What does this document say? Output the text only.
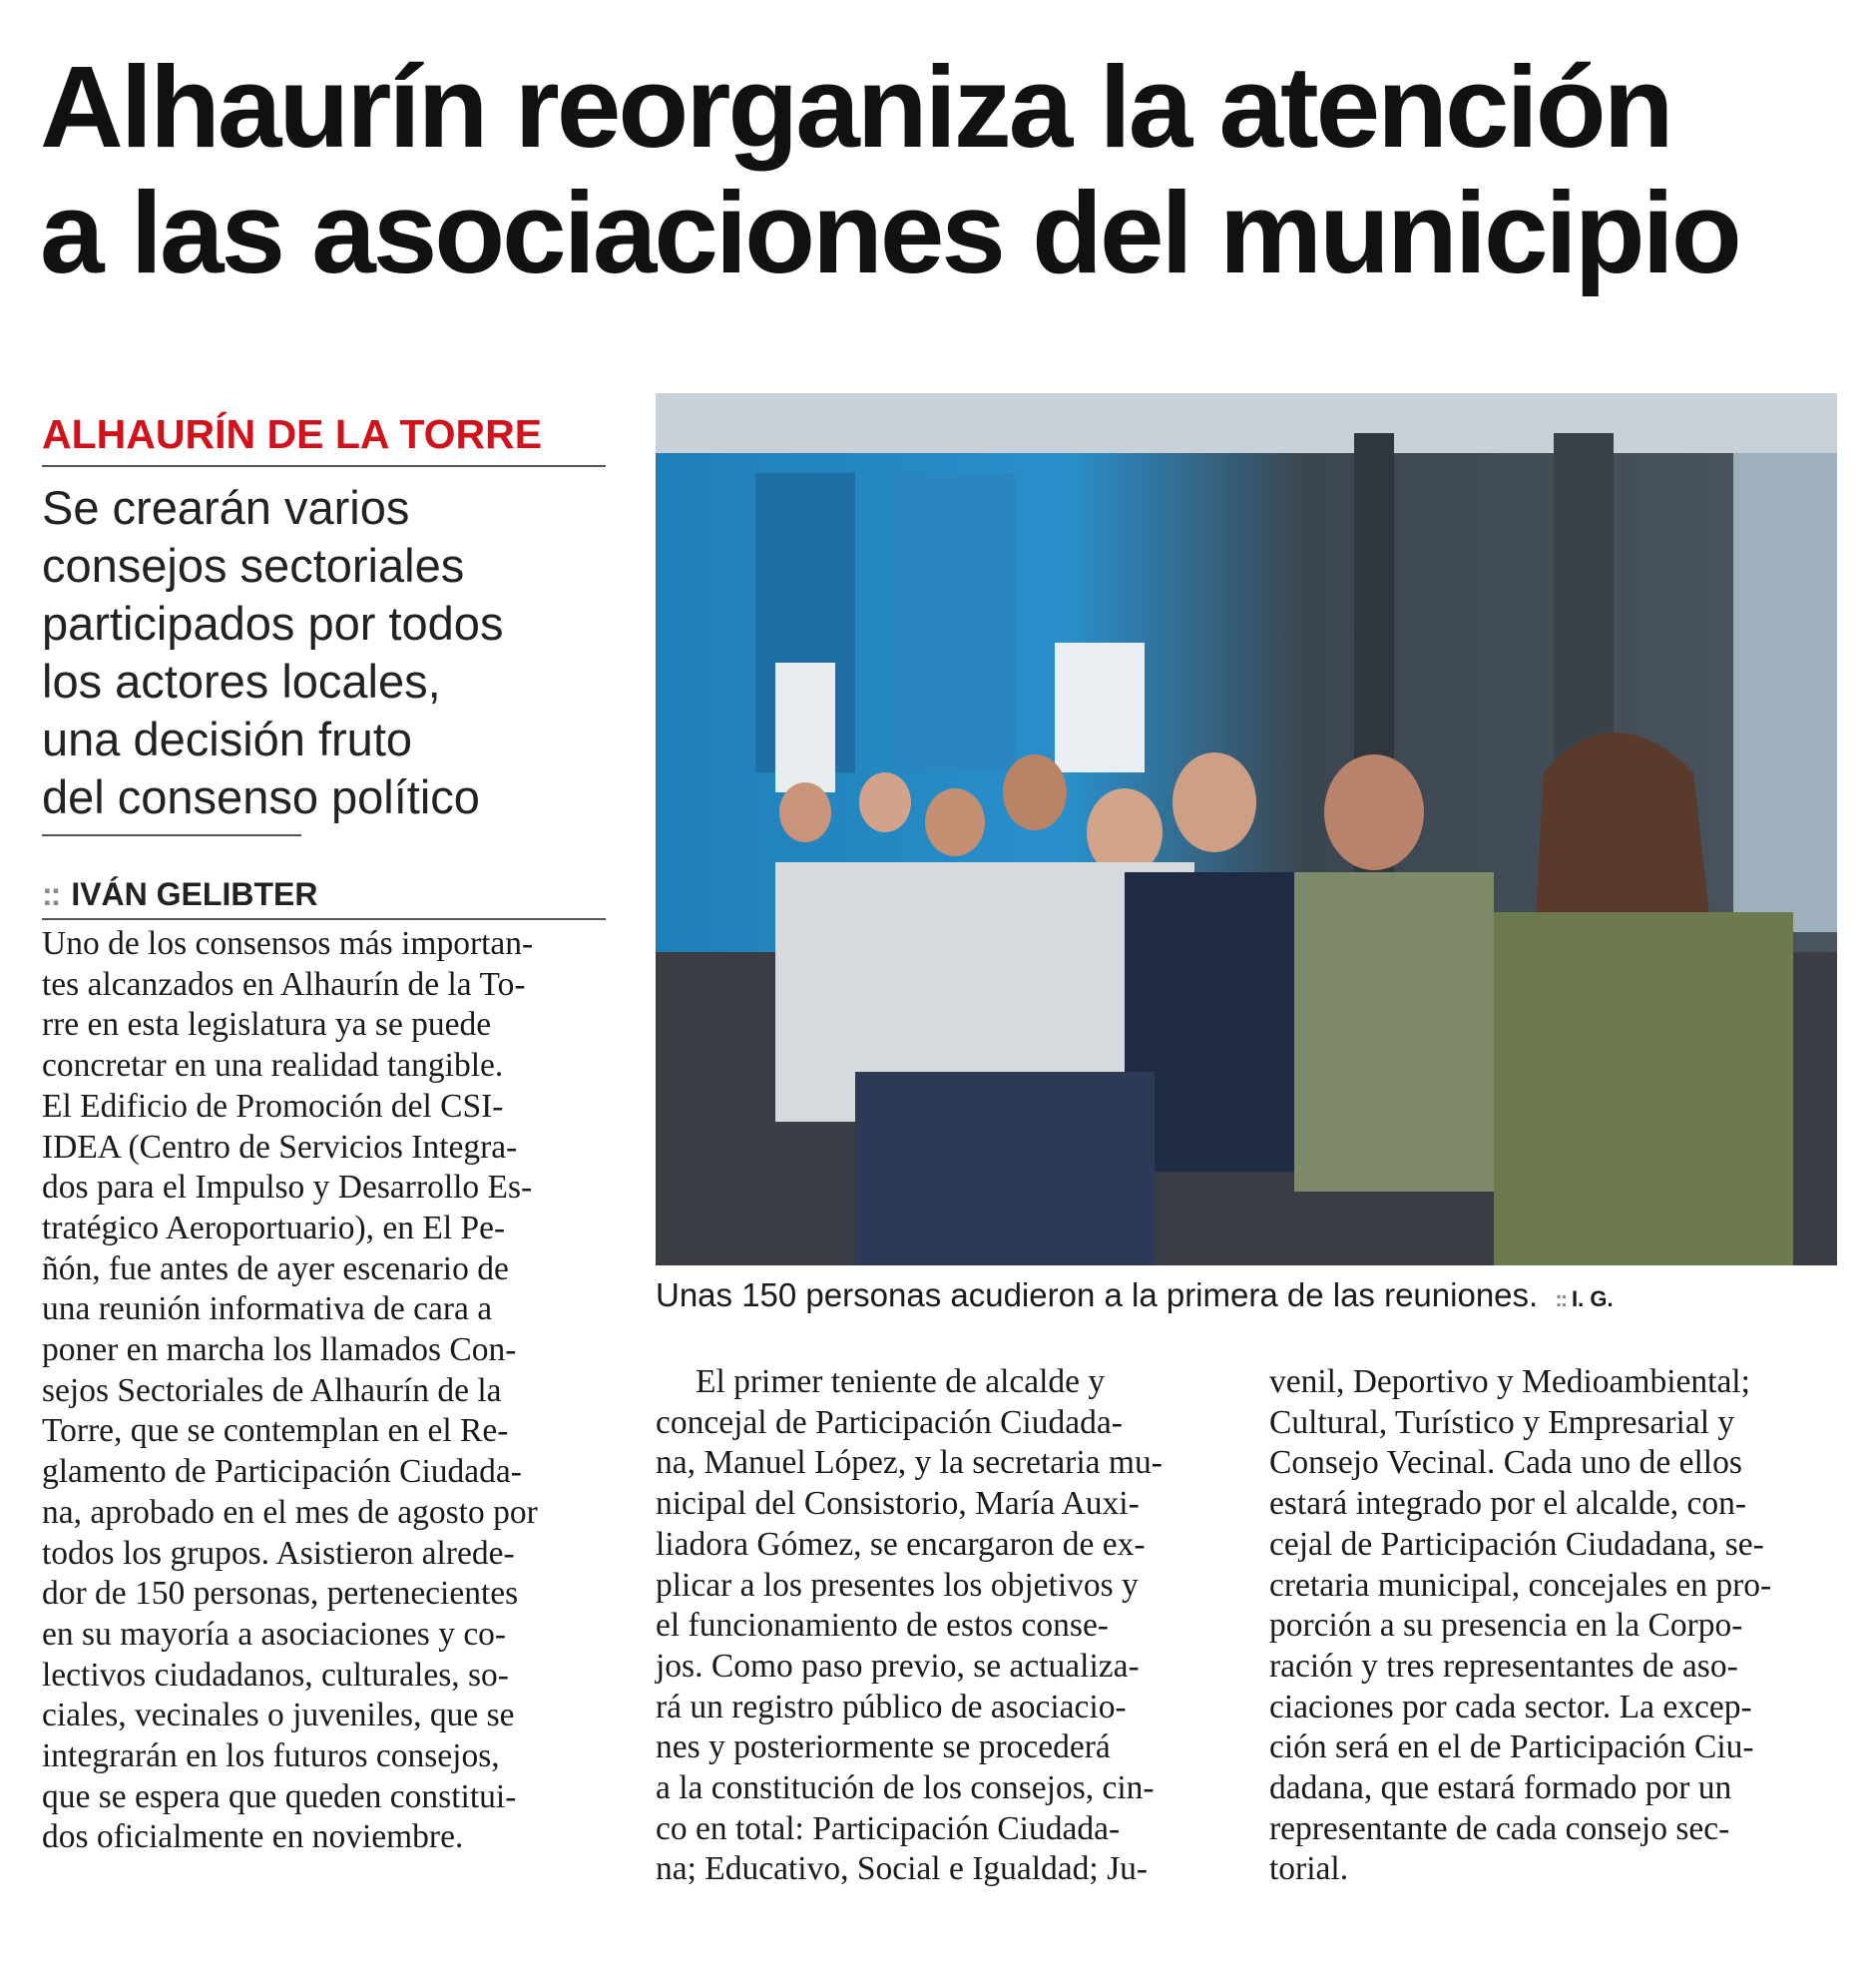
Alhaurín reorganiza la atención
a las asociaciones del municipio
ALHAURÍN DE LA TORRE
Se crearán varios
consejos sectoriales
participados por todos
los actores locales,
una decisión fruto
del consenso político
:: IVÁN GELIBTER
Uno de los consensos más importan-
tes alcanzados en Alhaurín de la To-
rre en esta legislatura ya se puede
concretar en una realidad tangible.
El Edificio de Promoción del CSI-
IDEA (Centro de Servicios Integra-
dos para el Impulso y Desarrollo Es-
tratégico Aeroportuario), en El Pe-
ñón, fue antes de ayer escenario de
una reunión informativa de cara a
poner en marcha los llamados Con-
sejos Sectoriales de Alhaurín de la
Torre, que se contemplan en el Re-
glamento de Participación Ciudada-
na, aprobado en el mes de agosto por
todos los grupos. Asistieron alrede-
dor de 150 personas, pertenecientes
en su mayoría a asociaciones y co-
lectivos ciudadanos, culturales, so-
ciales, vecinales o juveniles, que se
integrarán en los futuros consejos,
que se espera que queden constitui-
dos oficialmente en noviembre.
Unas 150 personas acudieron a la primera de las reuniones. :: I. G.
El primer teniente de alcalde y
concejal de Participación Ciudada-
na, Manuel López, y la secretaria mu-
nicipal del Consistorio, María Auxi-
liadora Gómez, se encargaron de ex-
plicar a los presentes los objetivos y
el funcionamiento de estos conse-
jos. Como paso previo, se actualiza-
rá un registro público de asociacio-
nes y posteriormente se procederá
a la constitución de los consejos, cin-
co en total: Participación Ciudada-
na; Educativo, Social e Igualdad; Ju-
venil, Deportivo y Medioambiental;
Cultural, Turístico y Empresarial y
Consejo Vecinal. Cada uno de ellos
estará integrado por el alcalde, con-
cejal de Participación Ciudadana, se-
cretaria municipal, concejales en pro-
porción a su presencia en la Corpo-
ración y tres representantes de aso-
ciaciones por cada sector. La excep-
ción será en el de Participación Ciu-
dadana, que estará formado por un
representante de cada consejo sec-
torial.
